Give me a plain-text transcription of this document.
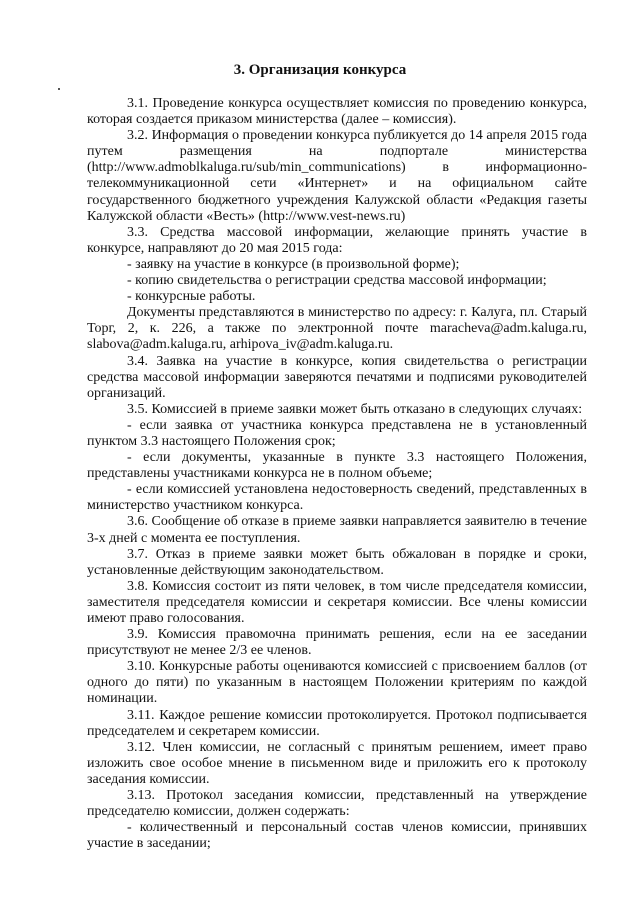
3. Организация конкурса

3.1. Проведение конкурса осуществляет комиссия по проведению конкурса, которая создается приказом министерства (далее – комиссия).

3.2. Информация о проведении конкурса публикуется до 14 апреля 2015 года путем размещения на подпортале министерства (http://www.admoblkaluga.ru/sub/min_communications) в информационно-телекоммуникационной сети «Интернет» и на официальном сайте государственного бюджетного учреждения Калужской области «Редакция газеты Калужской области «Весть» (http://www.vest-news.ru)

3.3. Средства массовой информации, желающие принять участие в конкурсе, направляют до 20 мая 2015 года:

- заявку на участие в конкурсе (в произвольной форме);

- копию свидетельства о регистрации средства массовой информации;

- конкурсные работы.

Документы представляются в министерство по адресу: г. Калуга, пл. Старый Торг, 2, к. 226, а также по электронной почте maracheva@adm.kaluga.ru, slabova@adm.kaluga.ru, arhipova_iv@adm.kaluga.ru.

3.4. Заявка на участие в конкурсе, копия свидетельства о регистрации средства массовой информации заверяются печатями и подписями руководителей организаций.

3.5. Комиссией в приеме заявки может быть отказано в следующих случаях:

- если заявка от участника конкурса представлена не в установленный пунктом 3.3 настоящего Положения срок;

- если документы, указанные в пункте 3.3 настоящего Положения, представлены участниками конкурса не в полном объеме;

- если комиссией установлена недостоверность сведений, представленных в министерство участником конкурса.

3.6. Сообщение об отказе в приеме заявки направляется заявителю в течение 3-х дней с момента ее поступления.

3.7. Отказ в приеме заявки может быть обжалован в порядке и сроки, установленные действующим законодательством.

3.8. Комиссия состоит из пяти человек, в том числе председателя комиссии, заместителя председателя комиссии и секретаря комиссии. Все члены комиссии имеют право голосования.

3.9. Комиссия правомочна принимать решения, если на ее заседании присутствуют не менее 2/3 ее членов.

3.10. Конкурсные работы оцениваются комиссией с присвоением баллов (от одного до пяти) по указанным в настоящем Положении критериям по каждой номинации.

3.11. Каждое решение комиссии протоколируется. Протокол подписывается председателем и секретарем комиссии.

3.12. Член комиссии, не согласный с принятым решением, имеет право изложить свое особое мнение в письменном виде и приложить его к протоколу заседания комиссии.

3.13. Протокол заседания комиссии, представленный на утверждение председателю комиссии, должен содержать:

- количественный и персональный состав членов комиссии, принявших участие в заседании;
